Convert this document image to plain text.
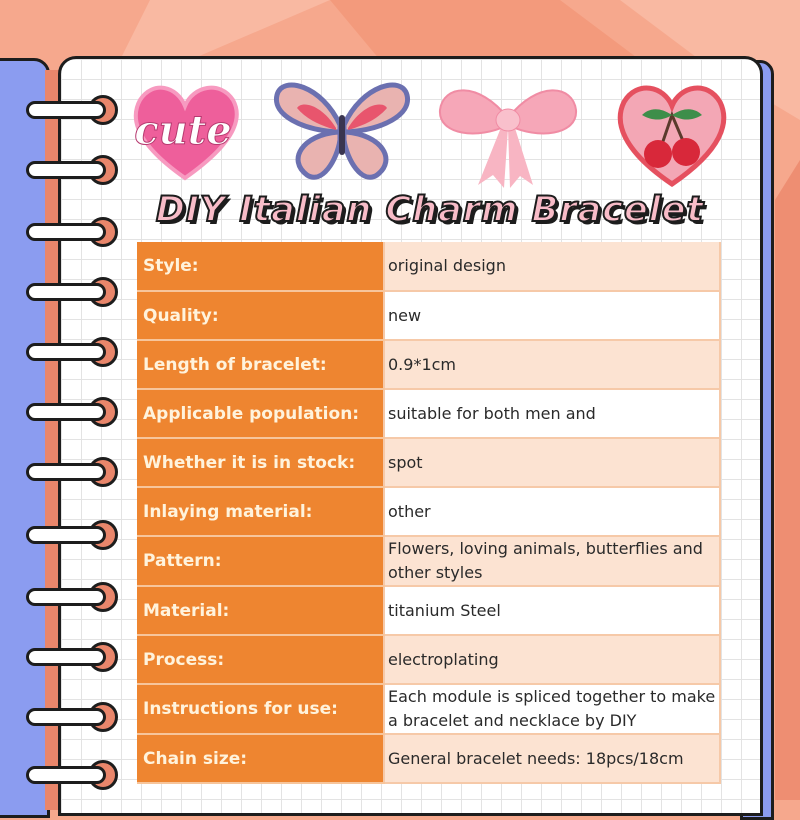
cute
DIY Italian Charm Bracelet
Style:	original design
Quality:	new
Length of bracelet:	0.9*1cm
Applicable population:	suitable for both men and
Whether it is in stock:	spot
Inlaying material:	other
Pattern:	Flowers, loving animals, butterflies and other styles
Material:	titanium Steel
Process:	electroplating
Instructions for use:	Each module is spliced together to make a bracelet and necklace by DIY
Chain size:	General bracelet needs: 18pcs/18cm
